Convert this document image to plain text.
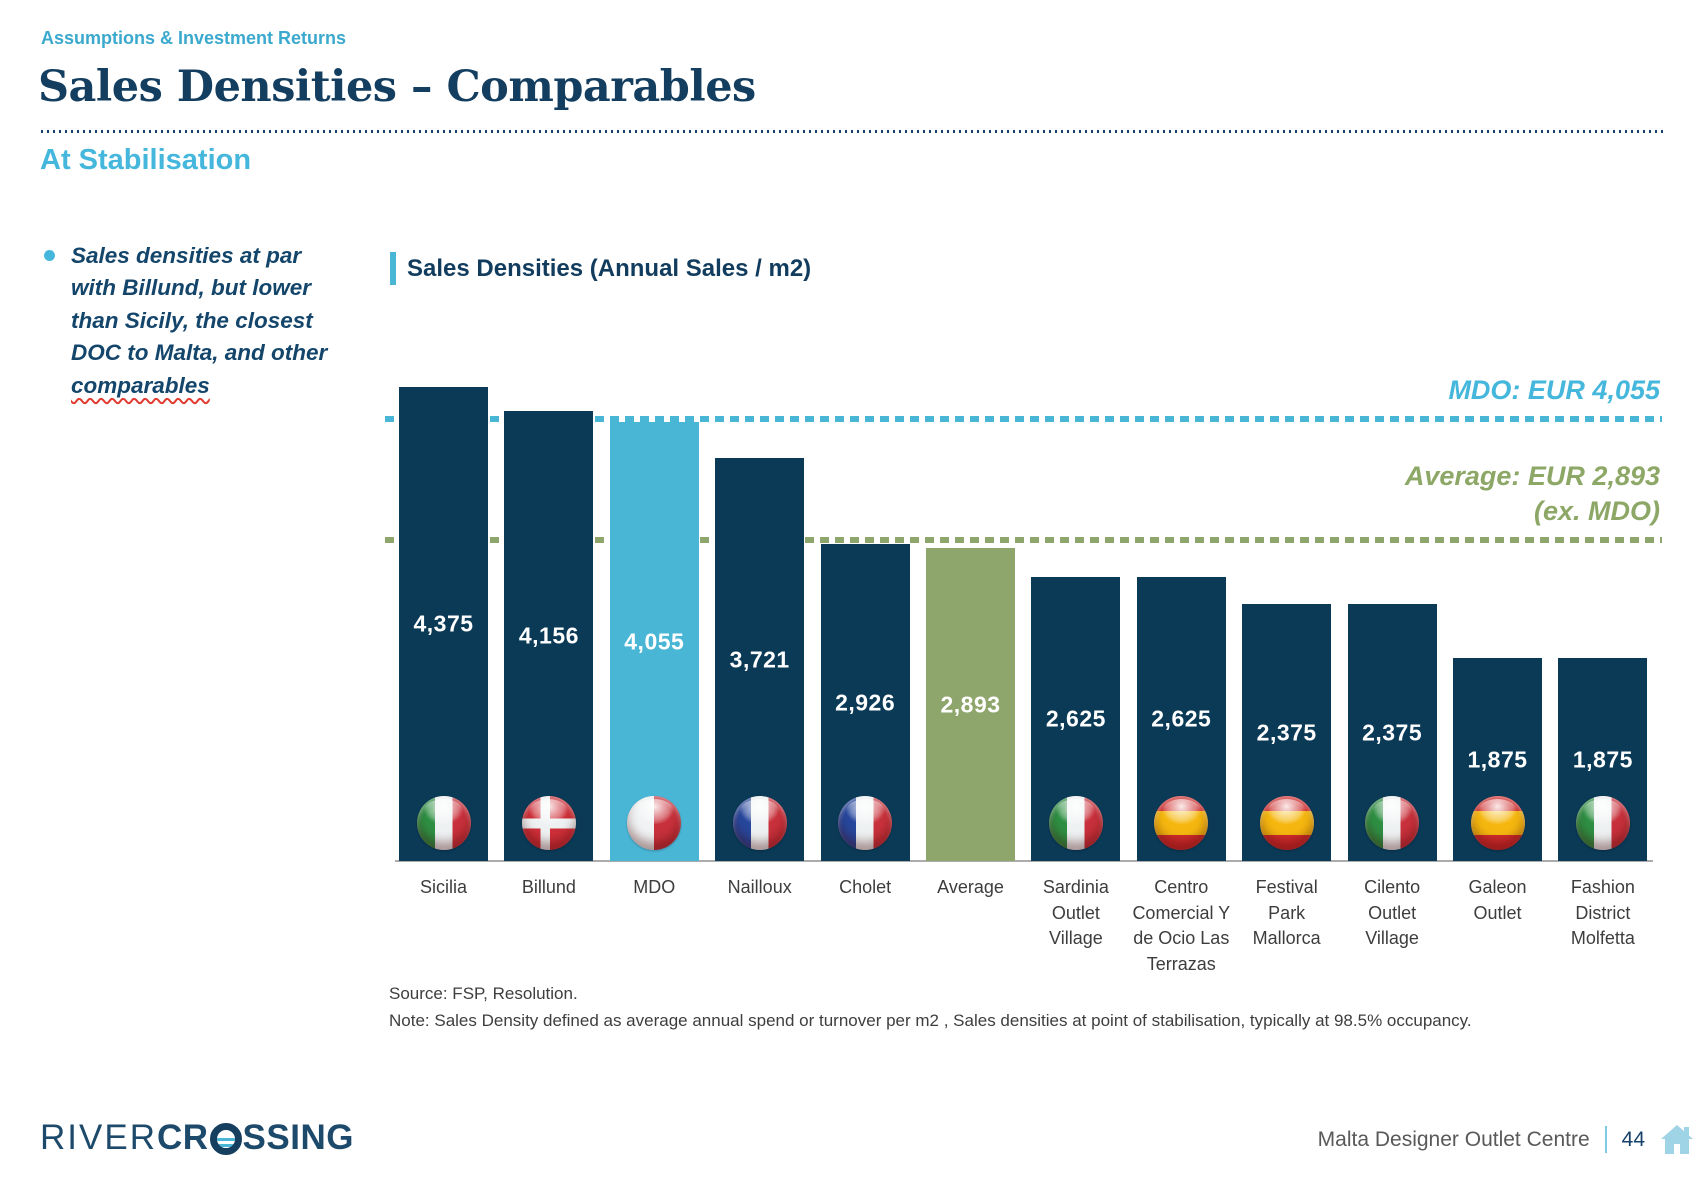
Assumptions & Investment Returns
Sales Densities – Comparables
At Stabilisation
Sales densities at par with Billund, but lower than Sicily, the closest DOC to Malta, and other comparables
Sales Densities (Annual Sales / m2)
MDO: EUR 4,055
Average: EUR 2,893
(ex. MDO)
4,375
Sicilia
4,156
Billund
4,055
MDO
3,721
Nailloux
2,926
Cholet
2,893
Average
2,625
Sardinia Outlet Village
2,625
Centro Comercial Y de Ocio Las Terrazas
2,375
Festival Park Mallorca
2,375
Cilento Outlet Village
1,875
Galeon Outlet
1,875
Fashion District Molfetta
Source: FSP, Resolution.
Note: Sales Density defined as average annual spend or turnover per m2 , Sales densities at point of stabilisation, typically at 98.5% occupancy.
RIVER CR SSING	Malta Designer Outlet Centre 44
